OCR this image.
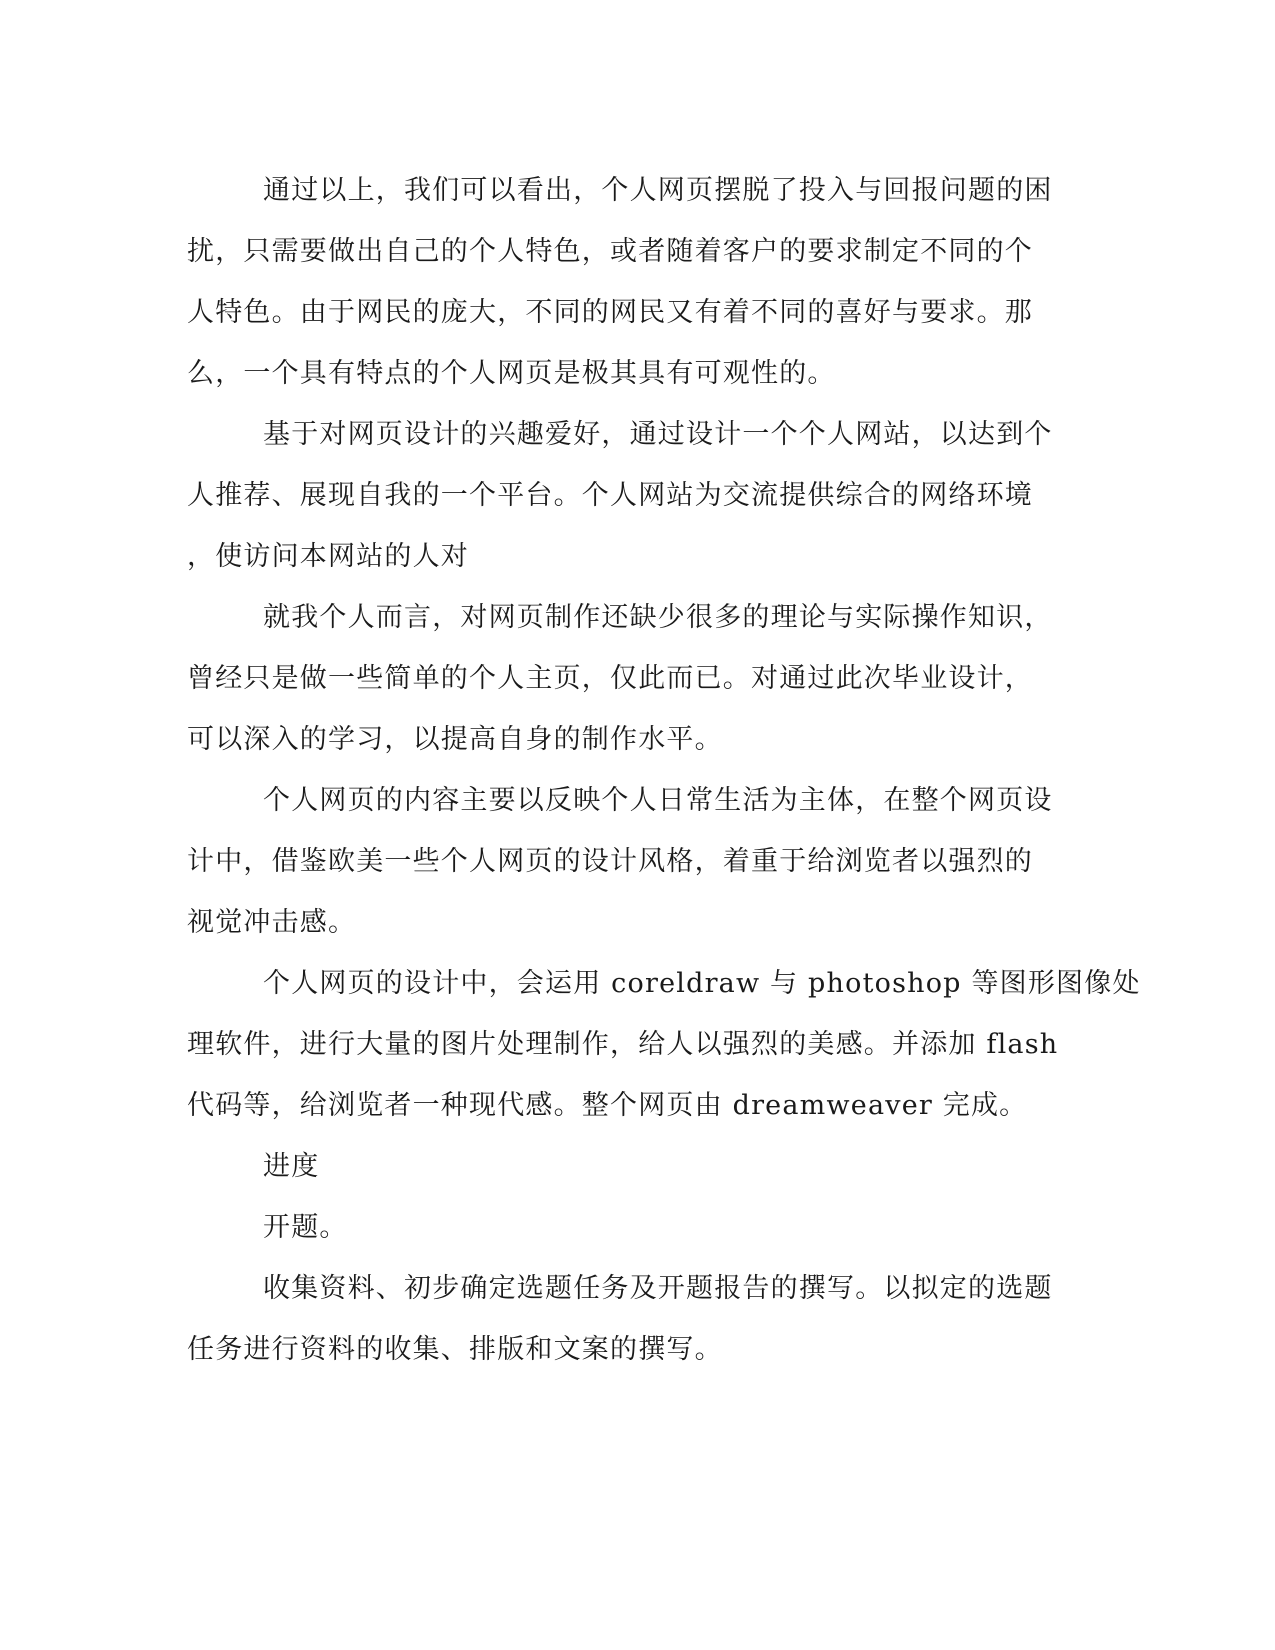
通过以上，我们可以看出，个人网页摆脱了投入与回报问题的困
扰，只需要做出自己的个人特色，或者随着客户的要求制定不同的个
人特色。由于网民的庞大，不同的网民又有着不同的喜好与要求。那
么，一个具有特点的个人网页是极其具有可观性的。

基于对网页设计的兴趣爱好，通过设计一个个人网站，以达到个
人推荐、展现自我的一个平台。个人网站为交流提供综合的网络环境
，使访问本网站的人对

就我个人而言，对网页制作还缺少很多的理论与实际操作知识，
曾经只是做一些简单的个人主页，仅此而已。对通过此次毕业设计，
可以深入的学习，以提高自身的制作水平。

个人网页的内容主要以反映个人日常生活为主体，在整个网页设
计中，借鉴欧美一些个人网页的设计风格，着重于给浏览者以强烈的
视觉冲击感。

个人网页的设计中，会运用 coreldraw 与 photoshop 等图形图像处
理软件，进行大量的图片处理制作，给人以强烈的美感。并添加 flash
代码等，给浏览者一种现代感。整个网页由 dreamweaver 完成。

进度

开题。

收集资料、初步确定选题任务及开题报告的撰写。以拟定的选题
任务进行资料的收集、排版和文案的撰写。
